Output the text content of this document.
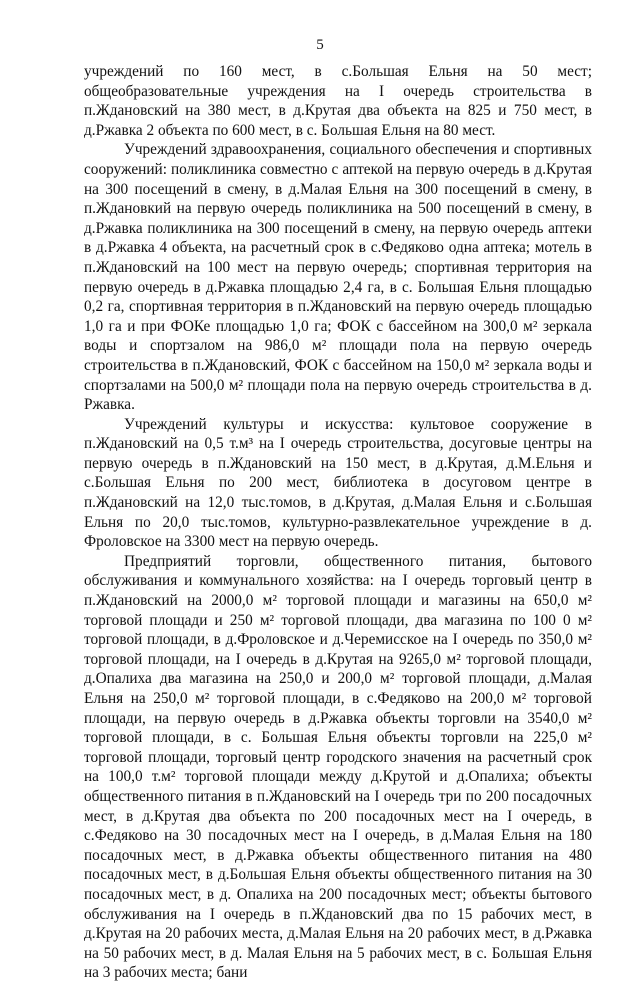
5

учреждений по 160 мест, в с.Большая Ельня на 50 мест; общеобразовательные учреждения на I очередь строительства в п.Ждановский на 380 мест, в д.Крутая два объекта на 825 и 750 мест, в д.Ржавка 2 объекта по 600 мест, в с. Большая Ельня на 80 мест.

Учреждений здравоохранения, социального обеспечения и спортивных сооружений: поликлиника совместно с аптекой на первую очередь в д.Крутая на 300 посещений в смену, в д.Малая Ельня на 300 посещений в смену, в п.Ждановкий на первую очередь поликлиника на 500 посещений в смену, в д.Ржавка поликлиника на 300 посещений в смену, на первую очередь аптеки в д.Ржавка 4 объекта, на расчетный срок в с.Федяково одна аптека; мотель в п.Ждановский на 100 мест на первую очередь; спортивная территория на первую очередь в д.Ржавка площадью 2,4 га, в с. Большая Ельня площадью 0,2 га, спортивная территория в п.Ждановский на первую очередь площадью 1,0 га и при ФОКе площадью 1,0 га; ФОК с бассейном на 300,0 м² зеркала воды и спортзалом на 986,0 м² площади пола на первую очередь строительства в п.Ждановский, ФОК с бассейном на 150,0 м² зеркала воды и спортзалами на 500,0 м² площади пола на первую очередь строительства в д. Ржавка.

Учреждений культуры и искусства: культовое сооружение в п.Ждановский на 0,5 т.м³ на I очередь строительства, досуговые центры на первую очередь в п.Ждановский на 150 мест, в д.Крутая, д.М.Ельня и с.Большая Ельня по 200 мест, библиотека в досуговом центре в п.Ждановский на 12,0 тыс.томов, в д.Крутая, д.Малая Ельня и с.Большая Ельня по 20,0 тыс.томов, культурно-развлекательное учреждение в д. Фроловское на 3300 мест на первую очередь.

Предприятий торговли, общественного питания, бытового обслуживания и коммунального хозяйства: на I очередь торговый центр в п.Ждановский на 2000,0 м² торговой площади и магазины на 650,0 м² торговой площади и 250 м² торговой площади, два магазина по 100 0 м² торговой площади, в д.Фроловское и д.Черемисское на I очередь по 350,0 м² торговой площади, на I очередь в д.Крутая на 9265,0 м² торговой площади, д.Опалиха два магазина на 250,0 и 200,0 м² торговой площади, д.Малая Ельня на 250,0 м² торговой площади, в с.Федяково на 200,0 м² торговой площади, на первую очередь в д.Ржавка объекты торговли на 3540,0 м² торговой площади, в с. Большая Ельня объекты торговли на 225,0 м² торговой площади, торговый центр городского значения на расчетный срок на 100,0 т.м² торговой площади между д.Крутой и д.Опалиха; объекты общественного питания в п.Ждановский на I очередь три по 200 посадочных мест, в д.Крутая два объекта по 200 посадочных мест на I очередь, в с.Федяково на 30 посадочных мест на I очередь, в д.Малая Ельня на 180 посадочных мест, в д.Ржавка объекты общественного питания на 480 посадочных мест, в д.Большая Ельня объекты общественного питания на 30 посадочных мест, в д. Опалиха на 200 посадочных мест; объекты бытового обслуживания на I очередь в п.Ждановский два по 15 рабочих мест, в д.Крутая на 20 рабочих места, д.Малая Ельня на 20 рабочих мест, в д.Ржавка на 50 рабочих мест, в д. Малая Ельня на 5 рабочих мест, в с. Большая Ельня на 3 рабочих места; бани
